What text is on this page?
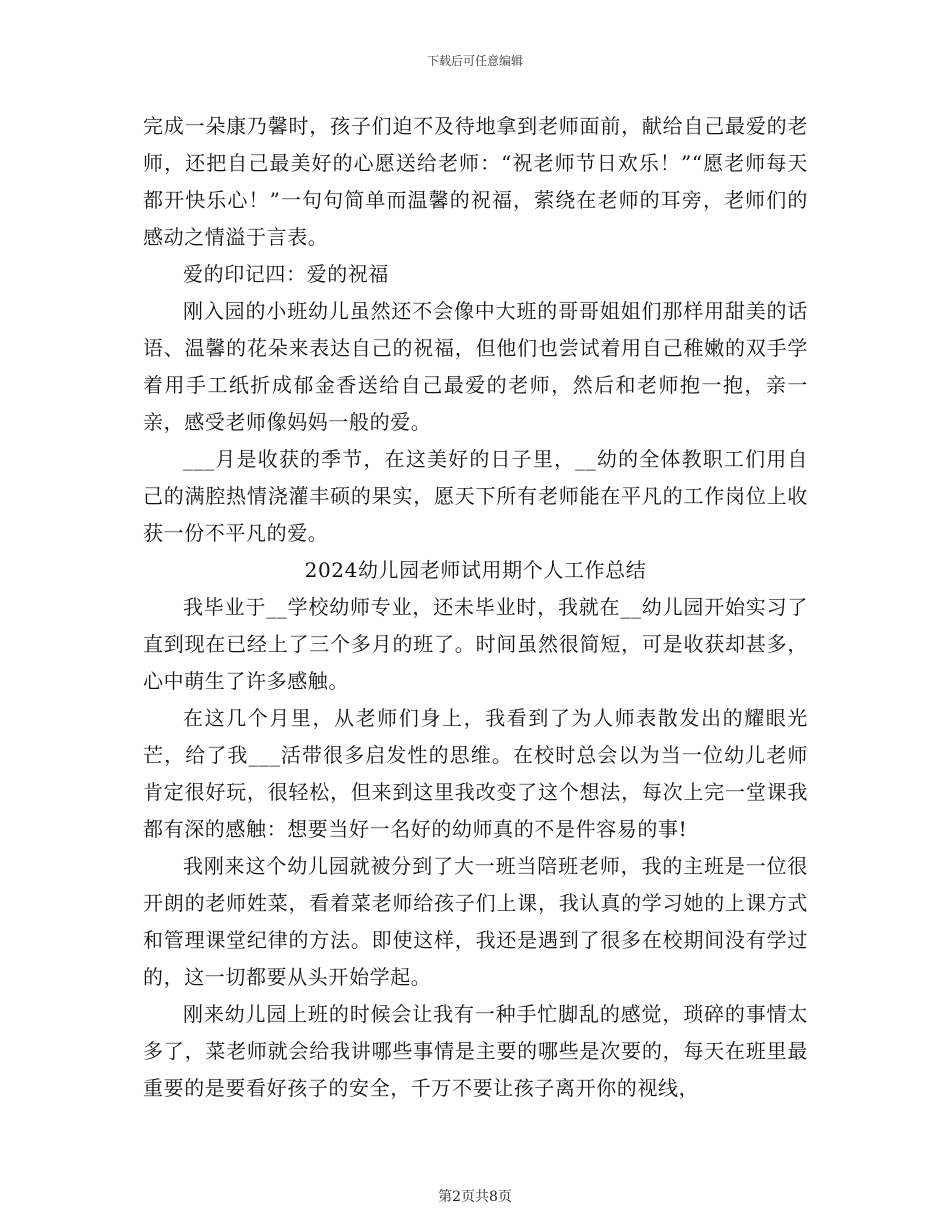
下载后可任意编辑

完成一朵康乃馨时，孩子们迫不及待地拿到老师面前，献给自己最爱的老师，还把自己最美好的心愿送给老师：“祝老师节日欢乐！”“愿老师每天都开快乐心！”一句句简单而温馨的祝福，萦绕在老师的耳旁，老师们的感动之情溢于言表。

爱的印记四：爱的祝福

刚入园的小班幼儿虽然还不会像中大班的哥哥姐姐们那样用甜美的话语、温馨的花朵来表达自己的祝福，但他们也尝试着用自己稚嫩的双手学着用手工纸折成郁金香送给自己最爱的老师，然后和老师抱一抱，亲一亲，感受老师像妈妈一般的爱。

___月是收获的季节，在这美好的日子里，__幼的全体教职工们用自己的满腔热情浇灌丰硕的果实，愿天下所有老师能在平凡的工作岗位上收获一份不平凡的爱。

2024幼儿园老师试用期个人工作总结

我毕业于__学校幼师专业，还未毕业时，我就在__幼儿园开始实习了直到现在已经上了三个多月的班了。时间虽然很简短，可是收获却甚多，心中萌生了许多感触。

在这几个月里，从老师们身上，我看到了为人师表散发出的耀眼光芒，给了我___活带很多启发性的思维。在校时总会以为当一位幼儿老师肯定很好玩，很轻松，但来到这里我改变了这个想法，每次上完一堂课我都有深的感触：想要当好一名好的幼师真的不是件容易的事!

我刚来这个幼儿园就被分到了大一班当陪班老师，我的主班是一位很开朗的老师姓菜，看着菜老师给孩子们上课，我认真的学习她的上课方式和管理课堂纪律的方法。即使这样，我还是遇到了很多在校期间没有学过的，这一切都要从头开始学起。

刚来幼儿园上班的时候会让我有一种手忙脚乱的感觉，琐碎的事情太多了，菜老师就会给我讲哪些事情是主要的哪些是次要的，每天在班里最重要的是要看好孩子的安全，千万不要让孩子离开你的视线，

第2页共8页
